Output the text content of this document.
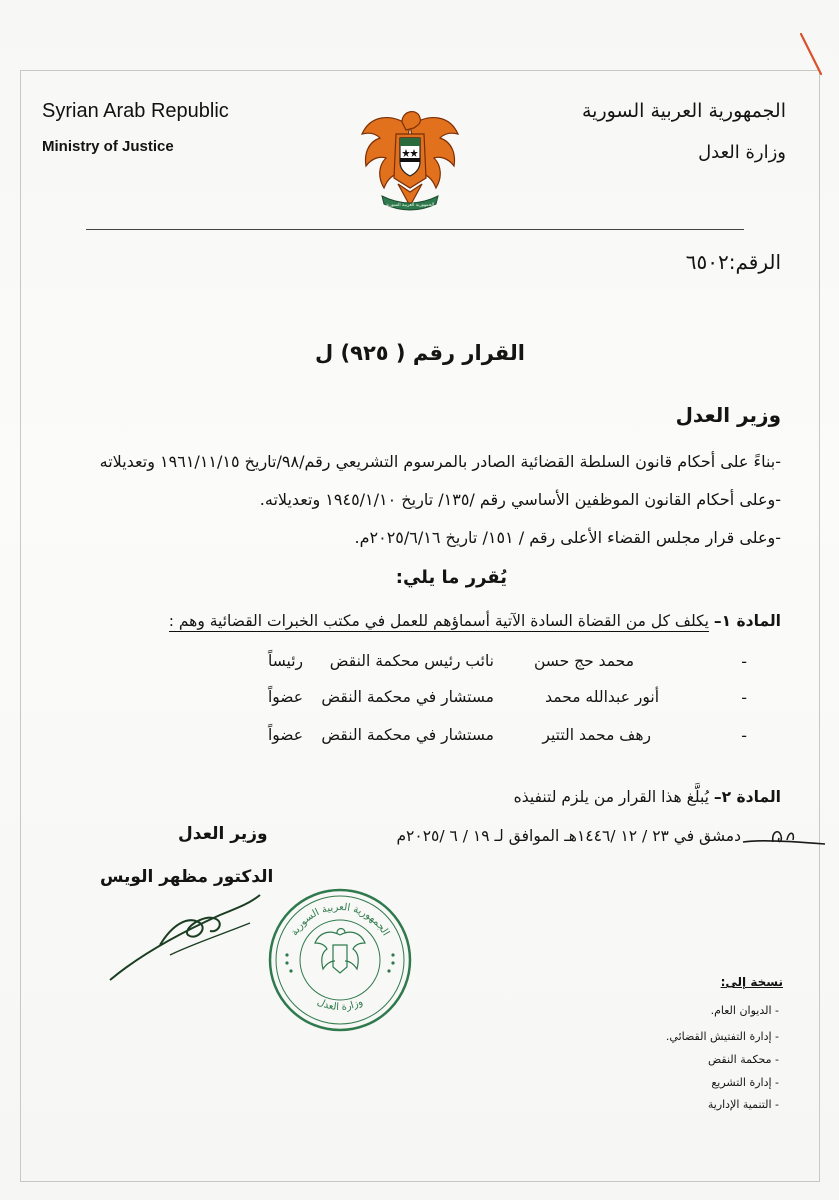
Syrian Arab Republic
Ministry of Justice
الجمهورية العربية السورية
وزارة العدل
الجمهورية العربية السورية
الرقم:٦٥٠٢
القرار رقم ( ٩٢٥) ل
وزير العدل
-بناءً على أحكام قانون السلطة القضائية الصادر بالمرسوم التشريعي رقم/٩٨/تاريخ ١٩٦١/١١/١٥ وتعديلاته
-وعلى أحكام القانون الموظفين الأساسي رقم /١٣٥/ تاريخ ١٩٤٥/١/١٠ وتعديلاته.
-وعلى قرار مجلس القضاء الأعلى رقم / ١٥١/ تاريخ ٢٠٢٥/٦/١٦م.
يُقرر ما يلي:
المادة ١– يكلف كل من القضاة السادة الآتية أسماؤهم للعمل في مكتب الخبرات القضائية وهم :
-
محمد حج حسن
نائب رئيس محكمة النقض
رئيساً
-
أنور عبدالله محمد
مستشار في محكمة النقض
عضواً
-
رهف محمد التتير
مستشار في محكمة النقض
عضواً
المادة ٢– يُبلَّغ هذا القرار من يلزم لتنفيذه
دمشق في ٢٣ / ١٢ /١٤٤٦هـ الموافق لـ ١٩ / ٦ /٢٠٢٥م
وزير العدل
الدكتور مظهر الويس
الجمهورية العربية السورية
وزارة العدل
نسخة إلى:
- الديوان العام.
- إدارة التفتيش القضائي.
- محكمة النقض
- إدارة التشريع
- التنمية الإدارية
